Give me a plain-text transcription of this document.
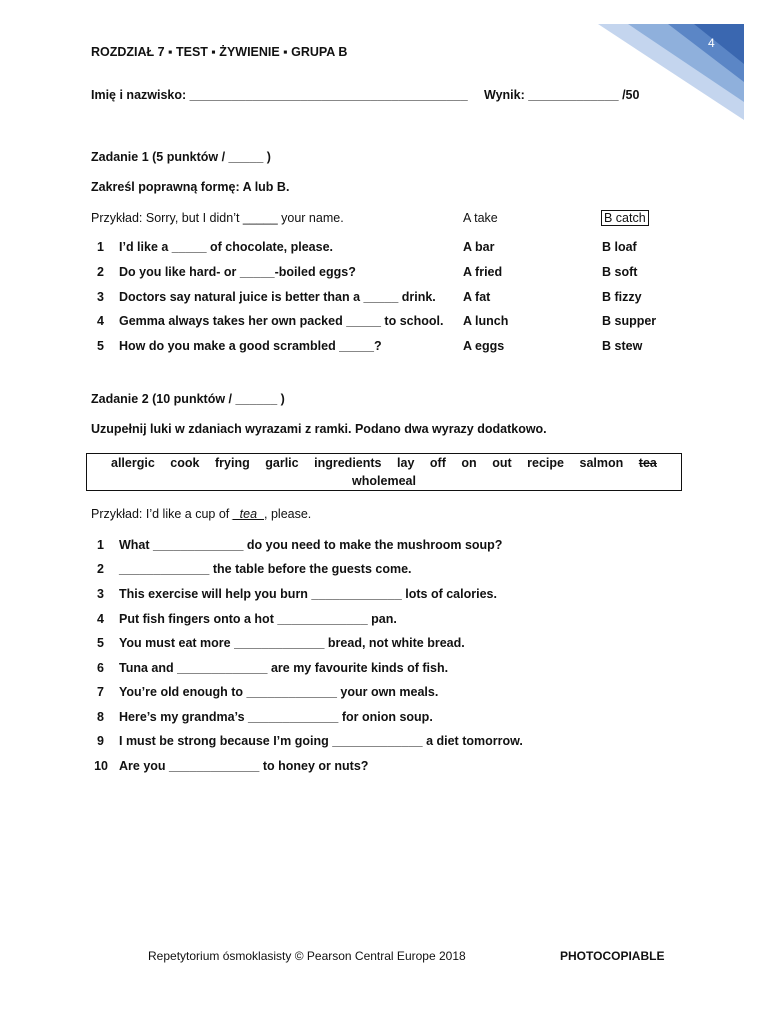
4
ROZDZIAŁ 7 ▪ TEST ▪ ŻYWIENIE ▪ GRUPA B
Imię i nazwisko: ________________________________________ Wynik: _____________ /50
Zadanie 1 (5 punktów / _____ )
Zakreśl poprawną formę: A lub B.
Przykład: Sorry, but I didn’t _____ your name.	A take	B catch
1 I’d like a _____ of chocolate, please.	A bar	B loaf
2 Do you like hard- or _____-boiled eggs?	A fried	B soft
3 Doctors say natural juice is better than a _____ drink. A fat	B fizzy
4 Gemma always takes her own packed _____ to school. A lunch	B supper
5 How do you make a good scrambled _____?	A eggs	B stew
Zadanie 2 (10 punktów / ______ )
Uzupełnij luki w zdaniach wyrazami z ramki. Podano dwa wyrazy dodatkowo.
allergic cook frying garlic ingredients lay off on out recipe salmon tea
wholemeal
Przykład: I’d like a cup of _tea_, please.
1 What _____________ do you need to make the mushroom soup?
2 _____________ the table before the guests come.
3 This exercise will help you burn _____________ lots of calories.
4 Put fish fingers onto a hot _____________ pan.
5 You must eat more _____________ bread, not white bread.
6 Tuna and _____________ are my favourite kinds of fish.
7 You’re old enough to _____________ your own meals.
8 Here’s my grandma’s _____________ for onion soup.
9 I must be strong because I’m going _____________ a diet tomorrow.
10 Are you _____________ to honey or nuts?
Repetytorium ósmoklasisty © Pearson Central Europe 2018	PHOTOCOPIABLE
